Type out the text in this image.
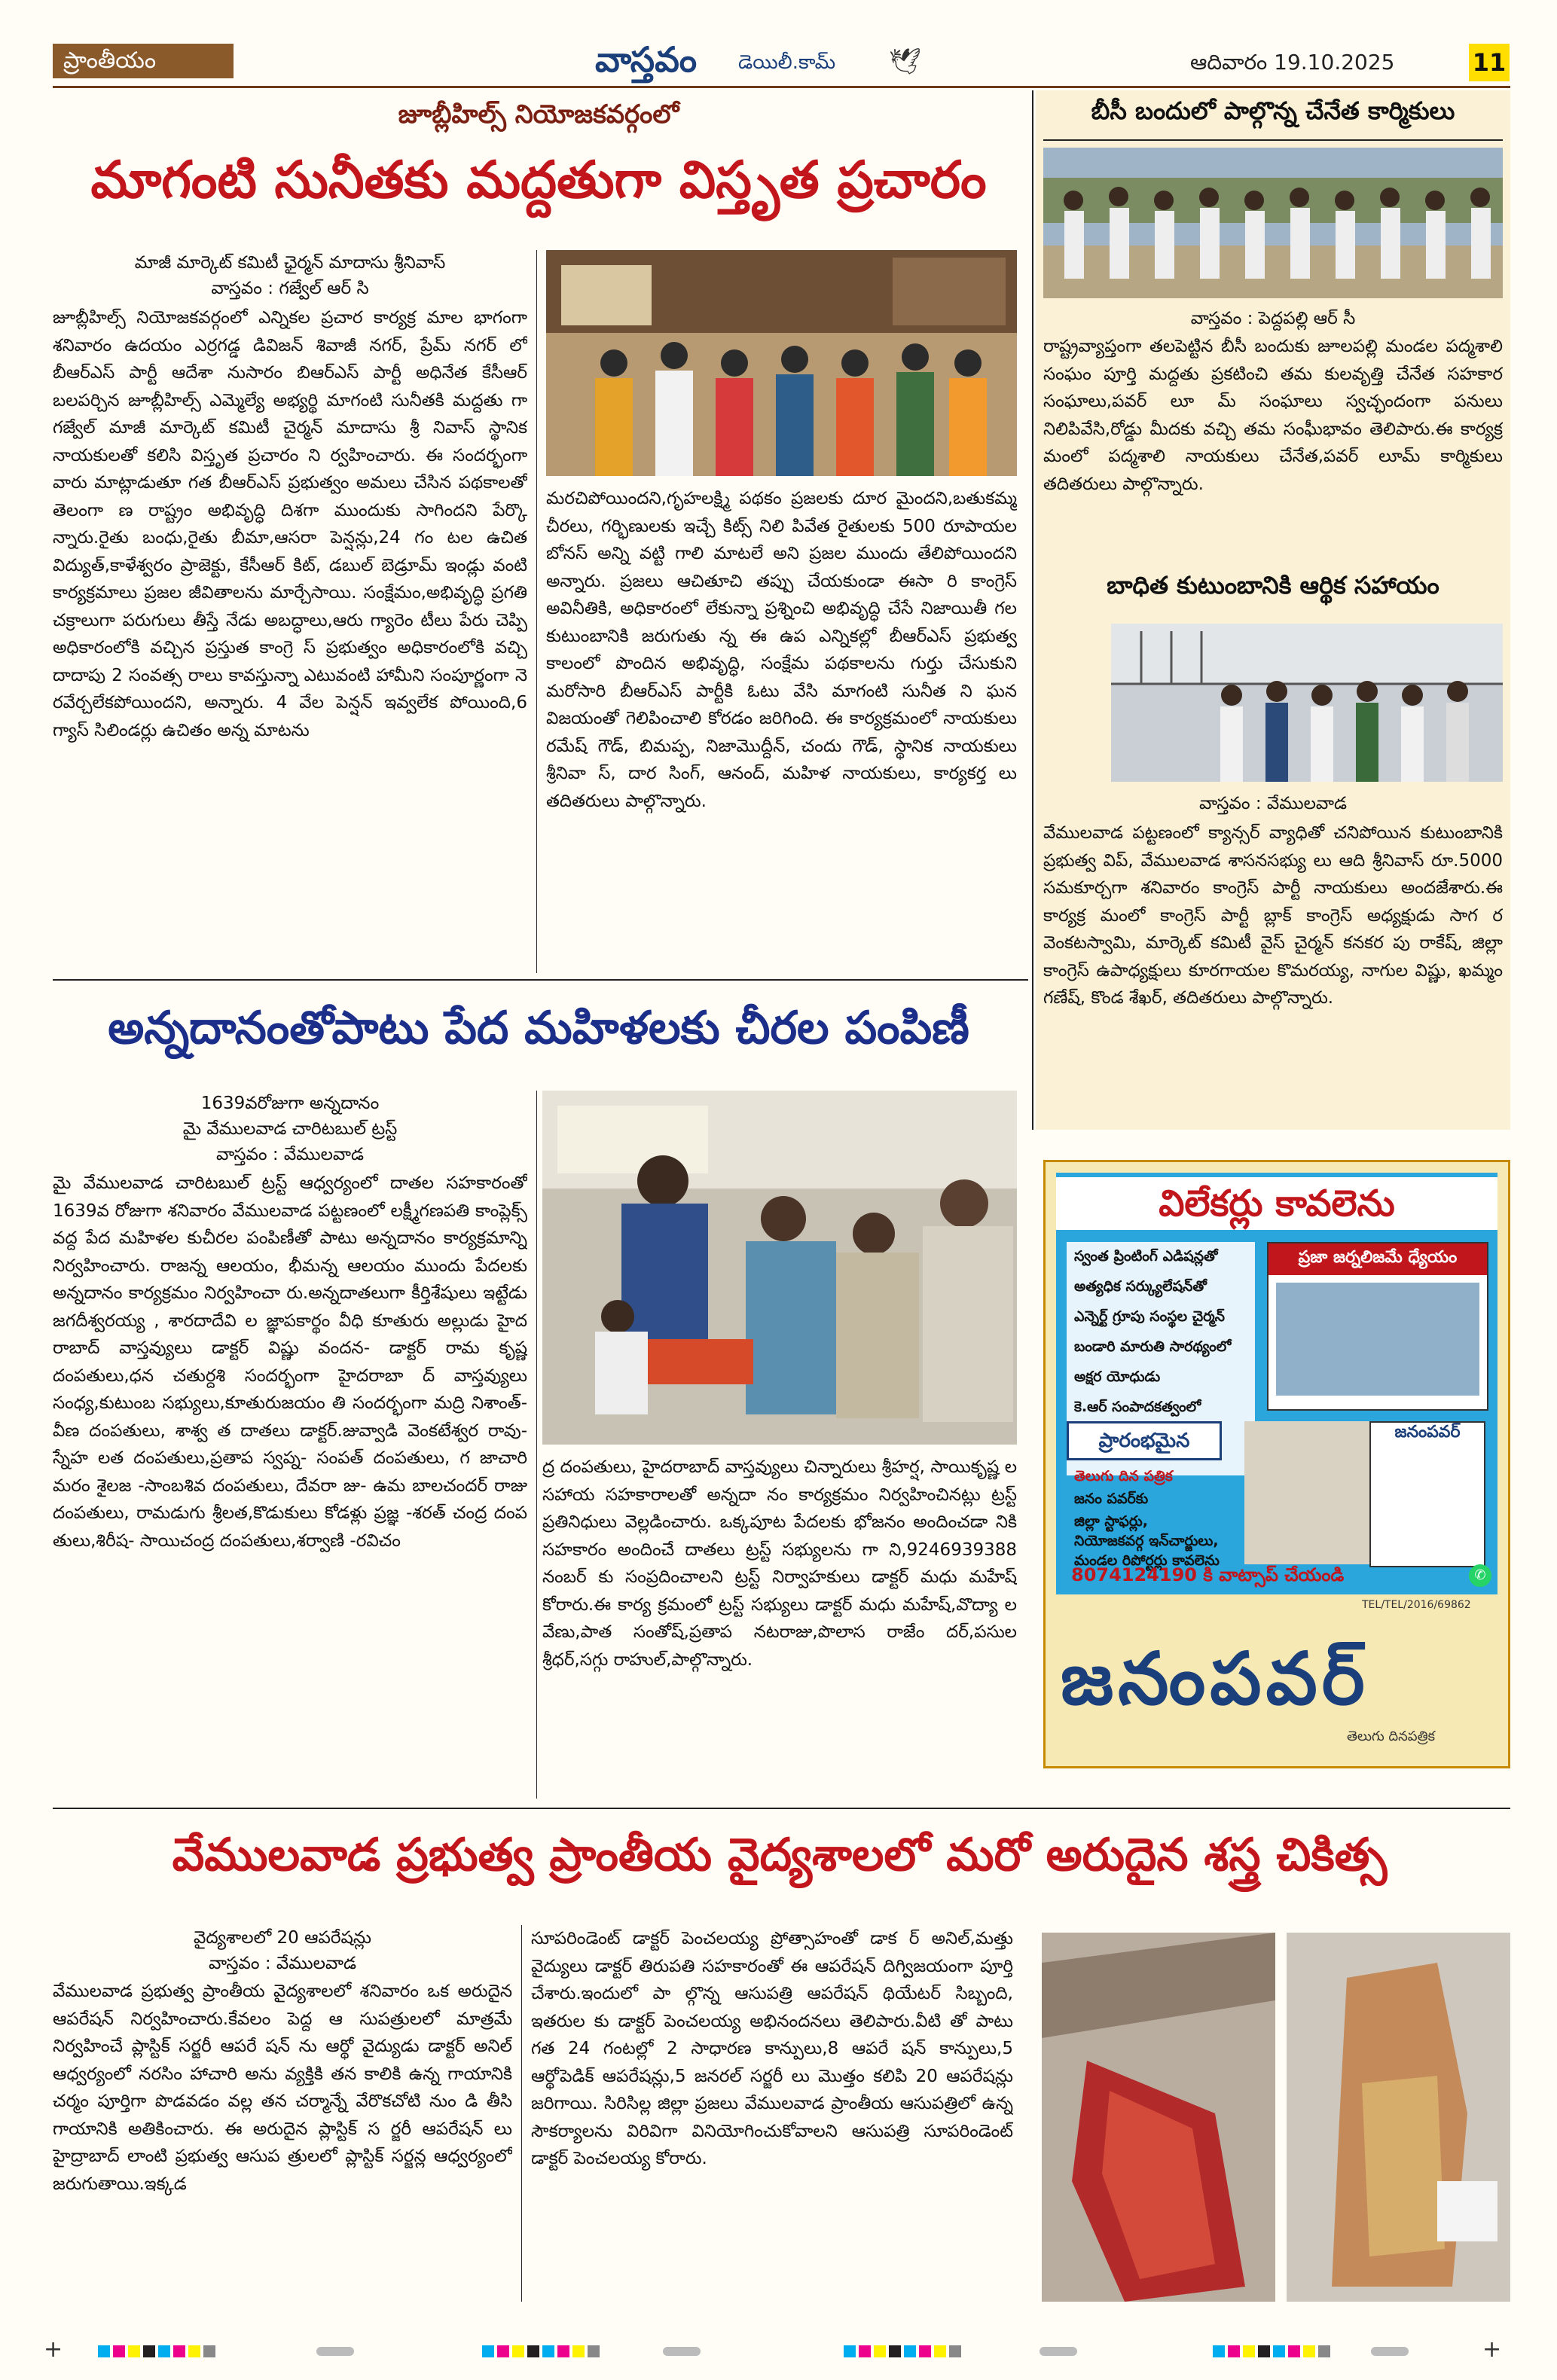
ప్రాంతీయం	వాస్తవం డెయిలీ.కామ్ 🕊	ఆదివారం 19.10.2025	11
జూబ్లీహిల్స్ నియోజకవర్గంలో
మాగంటి సునీతకు మద్దతుగా విస్తృత ప్రచారం
మాజీ మార్కెట్ కమిటీ ఛైర్మన్ మాదాసు శ్రీనివాస్
వాస్తవం : గజ్వేల్ ఆర్ సి
జూబ్లీహిల్స్ నియోజకవర్గంలో ఎన్నికల ప్రచార కార్యక్ర మాల భాగంగా శనివారం ఉదయం ఎర్రగడ్డ డివిజన్ శివాజీ నగర్, ప్రేమ్ నగర్ లో బీఆర్ఎస్ పార్టీ ఆదేశా నుసారం బిఆర్ఎస్ పార్టీ అధినేత కేసీఆర్ బలపర్చిన జూబ్లీహిల్స్ ఎమ్మెల్యే అభ్యర్థి మాగంటి సునీతకి మద్దతు గా గజ్వేల్ మాజీ మార్కెట్ కమిటీ చైర్మన్ మాదాసు శ్రీ నివాస్ స్థానిక నాయకులతో కలిసి విస్తృత ప్రచారం ని ర్వహించారు. ఈ సందర్భంగా వారు మాట్లాడుతూ గత బీఆర్ఎస్ ప్రభుత్వం అమలు చేసిన పథకాలతో తెలంగా ణ రాష్ట్రం అభివృద్ధి దిశగా ముందుకు సాగిందని పేర్కొ న్నారు.రైతు బంధు,రైతు బీమా,ఆసరా పెన్షన్లు,24 గం టల ఉచిత విద్యుత్,కాళేశ్వరం ప్రాజెక్టు, కేసీఆర్ కిట్, డబుల్ బెడ్రూమ్ ఇండ్లు వంటి కార్యక్రమాలు ప్రజల జీవితాలను మార్చేసాయి. సంక్షేమం,అభివృద్ధి ప్రగతి చక్రాలుగా పరుగులు తీస్తే నేడు అబద్ధాలు,ఆరు గ్యారెం టీలు పేరు చెప్పి అధికారంలోకి వచ్చిన ప్రస్తుత కాంగ్రె స్ ప్రభుత్వం అధికారంలోకి వచ్చి దాదాపు 2 సంవత్స రాలు కావస్తున్నా ఎటువంటి హామీని సంపూర్ణంగా నె రవేర్చలేకపోయిందని, అన్నారు. 4 వేల పెన్షన్ ఇవ్వలేక పోయింది,6 గ్యాస్ సిలిండర్లు ఉచితం అన్న మాటను
మరచిపోయిందని,గృహలక్ష్మి పథకం ప్రజలకు దూర మైందని,బతుకమ్మ చీరలు, గర్భిణులకు ఇచ్చే కిట్స్ నిలి పివేత రైతులకు 500 రూపాయల బోనస్ అన్ని వట్టి గాలి మాటలే అని ప్రజల ముందు తేలిపోయిందని అన్నారు. ప్రజలు ఆచితూచి తప్పు చేయకుండా ఈసా రి కాంగ్రెస్ అవినీతికి, అధికారంలో లేకున్నా ప్రశ్నించి అభివృద్ధి చేసే నిజాయితీ గల కుటుంబానికి జరుగుతు న్న ఈ ఉప ఎన్నికల్లో బీఆర్ఎస్ ప్రభుత్వ కాలంలో పొందిన అభివృద్ధి, సంక్షేమ పథకాలను గుర్తు చేసుకుని మరోసారి బీఆర్ఎస్ పార్టీకి ఓటు వేసి మాగంటి సునీత ని ఘన విజయంతో గెలిపించాలి కోరడం జరిగింది. ఈ కార్యక్రమంలో నాయకులు రమేష్ గౌడ్, బిమప్ప, నిజామొద్దీన్, చందు గౌడ్, స్థానిక నాయకులు శ్రీనివా స్, దార సింగ్, ఆనంద్, మహిళ నాయకులు, కార్యకర్త లు తదితరులు పాల్గొన్నారు.
బీసీ బందులో పాల్గొన్న చేనేత కార్మికులు
వాస్తవం : పెద్దపల్లి ఆర్ సీ
రాష్ట్రవ్యాప్తంగా తలపెట్టిన బీసీ బందుకు జూలపల్లి మండల పద్మశాలి సంఘం పూర్తి మద్దతు ప్రకటించి తమ కులవృత్తి చేనేత సహకార సంఘాలు,పవర్ లూ మ్ సంఘాలు స్వచ్ఛందంగా పనులు నిలిపివేసి,రోడ్డు మీదకు వచ్చి తమ సంఘీభావం తెలిపారు.ఈ కార్యక్ర మంలో పద్మశాలి నాయకులు చేనేత,పవర్ లూమ్ కార్మికులు తదితరులు పాల్గొన్నారు.
బాధిత కుటుంబానికి ఆర్థిక సహాయం
వాస్తవం : వేములవాడ
వేములవాడ పట్టణంలో క్యాన్సర్ వ్యాధితో చనిపోయిన కుటుంబానికి ప్రభుత్వ విప్, వేములవాడ శాసనసభ్యు లు ఆది శ్రీనివాస్ రూ.5000 సమకూర్చగా శనివారం కాంగ్రెస్ పార్టీ నాయకులు అందజేశారు.ఈ కార్యక్ర మంలో కాంగ్రెస్ పార్టీ బ్లాక్ కాంగ్రెస్ అధ్యక్షుడు సాగ ర వెంకటస్వామి, మార్కెట్ కమిటీ వైస్ చైర్మన్ కనకర పు రాకేష్, జిల్లా కాంగ్రెస్ ఉపాధ్యక్షులు కూరగాయల కొమరయ్య, నాగుల విష్ణు, ఖమ్మం గణేష్, కొండ శేఖర్, తదితరులు పాల్గొన్నారు.
అన్నదానంతోపాటు పేద మహిళలకు చీరల పంపిణీ
1639వరోజుగా అన్నదానం
మై వేములవాడ చారిటబుల్ ట్రస్ట్
వాస్తవం : వేములవాడ
మై వేములవాడ చారిటబుల్ ట్రస్ట్ ఆధ్వర్యంలో దాతల సహకారంతో 1639వ రోజుగా శనివారం వేములవాడ పట్టణంలో లక్ష్మీగణపతి కాంప్లెక్స్ వద్ద పేద మహిళల కుచీరల పంపిణీతో పాటు అన్నదానం కార్యక్రమాన్ని నిర్వహించారు. రాజన్న ఆలయం, భీమన్న ఆలయం ముందు పేదలకు అన్నదానం కార్యక్రమం నిర్వహించా రు.అన్నదాతలుగా కీర్తిశేషులు ఇట్టేడు జగదీశ్వరయ్య , శారదాదేవి ల జ్ఞాపకార్థం వీధి కూతురు అల్లుడు హైద రాబాద్ వాస్తవ్యులు డాక్టర్ విష్ణు వందన- డాక్టర్ రామ కృష్ణ దంపతులు,ధన చతుర్దశి సందర్భంగా హైదరాబా ద్ వాస్తవ్యులు సంధ్య,కుటుంబ సభ్యులు,కూతురుజయం తి సందర్భంగా మద్రి నిశాంత్- వీణ దంపతులు, శాశ్వ త దాతలు డాక్టర్.జువ్వాడి వెంకటేశ్వర రావు- స్నేహ లత దంపతులు,ప్రతాప స్వప్న- సంపత్ దంపతులు, గ జాచారి మరం శైలజ -సాంబశివ దంపతులు, దేవరా జు- ఉమ బాలచందర్ రాజు దంపతులు, రామడుగు శ్రీలత,కొడుకులు కోడళ్లు ప్రజ్ఞ -శరత్ చంద్ర దంప తులు,శిరీష- సాయిచంద్ర దంపతులు,శర్వాణి -రవిచం
ద్ర దంపతులు, హైదరాబాద్ వాస్తవ్యులు చిన్నారులు శ్రీహర్ష, సాయికృష్ణ ల సహాయ సహకారాలతో అన్నదా నం కార్యక్రమం నిర్వహించినట్లు ట్రస్ట్ ప్రతినిధులు వెల్లడించారు. ఒక్కపూట పేదలకు భోజనం అందించడా నికి సహకారం అందించే దాతలు ట్రస్ట్ సభ్యులను గా ని,9246939388 నంబర్ కు సంప్రదించాలని ట్రస్ట్ నిర్వాహకులు డాక్టర్ మధు మహేష్ కోరారు.ఈ కార్య క్రమంలో ట్రస్ట్ సభ్యులు డాక్టర్ మధు మహేష్,వొద్యా ల వేణు,పాత సంతోష్,ప్రతాప నటరాజు,పొలాస రాజేం దర్,పసుల శ్రీధర్,సగ్గు రాహుల్,పాల్గొన్నారు.
విలేకర్లు కావలెను
స్వంత ప్రింటింగ్ ఎడిషన్లతో
అత్యధిక సర్క్యులేషన్‌తో
ఎన్నెర్ట్ గ్రూపు సంస్థల చైర్మన్
బండారి మారుతి సారథ్యంలో
అక్షర యోధుడు
కె.ఆర్ సంపాదకత్వంలో
ప్రజా జర్నలిజమే ధ్యేయం
ప్రారంభమైన
తెలుగు దిన పత్రిక
జనం పవర్‌కు
జిల్లా స్టాఫర్లు,
నియోజకవర్గ ఇన్‌చార్జులు,
మండల రిపోర్టర్లు కావలెను
జనంపవర్
8074124190 కి వాట్సాప్ చేయండి	✆
TEL/TEL/2016/69862
జనంపవర్
తెలుగు దినపత్రిక
వేములవాడ ప్రభుత్వ ప్రాంతీయ వైద్యశాలలో మరో అరుదైన శస్త్ర చికిత్స
వైద్యశాలలో 20 ఆపరేషన్లు
వాస్తవం : వేములవాడ
వేములవాడ ప్రభుత్వ ప్రాంతీయ వైద్యశాలలో శనివారం ఒక అరుదైన ఆపరేషన్ నిర్వహించారు.కేవలం పెద్ద ఆ సుపత్రులలో మాత్రమే నిర్వహించే ప్లాస్టిక్ సర్జరీ ఆపరే షన్ ను ఆర్థో వైద్యుడు డాక్టర్ అనిల్ ఆధ్వర్యంలో నరసిం హాచారి అను వ్యక్తికి తన కాలికి ఉన్న గాయానికి చర్మం పూర్తిగా పొడవడం వల్ల తన చర్మాన్నే వేరొకచోటి నుం డి తీసి గాయానికి అతికించారు. ఈ అరుదైన ప్లాస్టిక్ స ర్జరీ ఆపరేషన్ లు హైద్రాబాద్ లాంటి ప్రభుత్వ ఆసుప త్రులలో ప్లాస్టిక్ సర్జన్ల ఆధ్వర్యంలో జరుగుతాయి.ఇక్కడ
సూపరిండెంట్ డాక్టర్ పెంచలయ్య ప్రోత్సాహంతో డాక ర్ అనిల్,మత్తు వైద్యులు డాక్టర్ తిరుపతి సహకారంతో ఈ ఆపరేషన్ దిగ్విజయంగా పూర్తి చేశారు.ఇందులో పా ల్గొన్న ఆసుపత్రి ఆపరేషన్ థియేటర్ సిబ్బంది, ఇతరుల కు డాక్టర్ పెంచలయ్య అభినందనలు తెలిపారు.వీటి తో పాటు గత 24 గంటల్లో 2 సాధారణ కాన్పులు,8 ఆపరే షన్ కాన్పులు,5 ఆర్థోపెడిక్ ఆపరేషన్లు,5 జనరల్ సర్జరీ లు మొత్తం కలిపి 20 ఆపరేషన్లు జరిగాయి. సిరిసిల్ల జిల్లా ప్రజలు వేములవాడ ప్రాంతీయ ఆసుపత్రిలో ఉన్న సౌకర్యాలను విరివిగా వినియోగించుకోవాలని ఆసుపత్రి సూపరిండెంట్ డాక్టర్ పెంచలయ్య కోరారు.
+	+
